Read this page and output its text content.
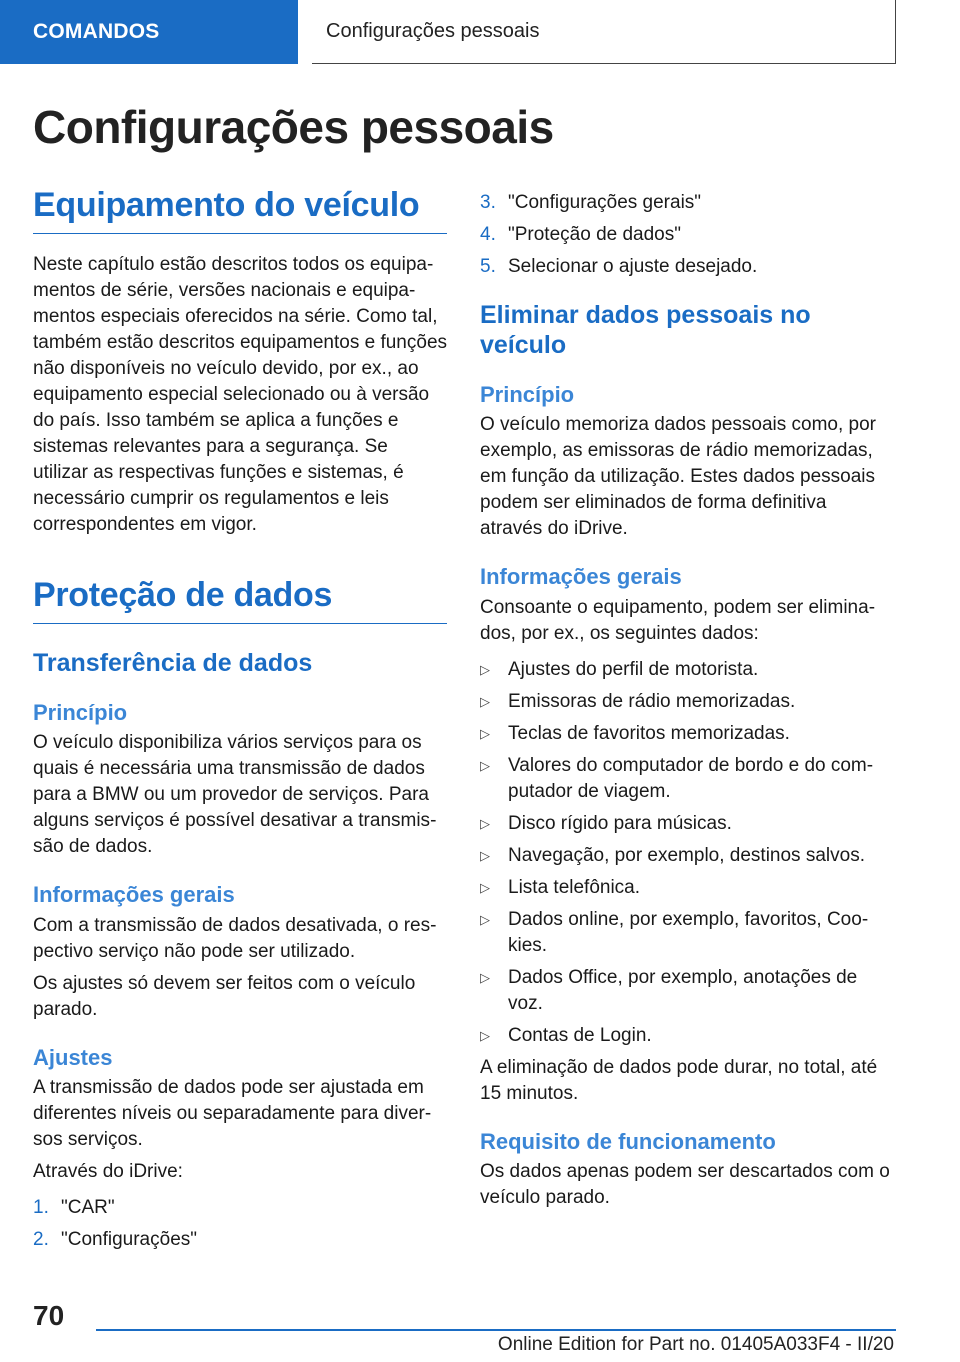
COMANDOS	Configurações pessoais
Configurações pessoais
Equipamento do veículo

Neste capítulo estão descritos todos os equipamentos de série, versões nacionais e equipamentos especiais oferecidos na série. Como tal, também estão descritos equipamentos e funções não disponíveis no veículo devido, por ex., ao equipamento especial selecionado ou à versão do país. Isso também se aplica a funções e sistemas relevantes para a segurança. Se utilizar as respectivas funções e sistemas, é necessário cumprir os regulamentos e leis correspondentes em vigor.

Proteção de dados
Transferência de dados
Princípio

O veículo disponibiliza vários serviços para os quais é necessária uma transmissão de dados para a BMW ou um provedor de serviços. Para alguns serviços é possível desativar a transmissão de dados.

Informações gerais

Com a transmissão de dados desativada, o respectivo serviço não pode ser utilizado.

Os ajustes só devem ser feitos com o veículo parado.

Ajustes

A transmissão de dados pode ser ajustada em diferentes níveis ou separadamente para diversos serviços.

Através do iDrive:

1. "CAR"
2. "Configurações"
3. "Configurações gerais"
4. "Proteção de dados"
5. Selecionar o ajuste desejado.
Eliminar dados pessoais no veículo
Princípio

O veículo memoriza dados pessoais como, por exemplo, as emissoras de rádio memorizadas, em função da utilização. Estes dados pessoais podem ser eliminados de forma definitiva através do iDrive.

Informações gerais

Consoante o equipamento, podem ser eliminados, por ex., os seguintes dados:

▷ Ajustes do perfil de motorista.
▷ Emissoras de rádio memorizadas.
▷ Teclas de favoritos memorizadas.
▷ Valores do computador de bordo e do computador de viagem.
▷ Disco rígido para músicas.
▷ Navegação, por exemplo, destinos salvos.
▷ Lista telefônica.
▷ Dados online, por exemplo, favoritos, Cookies.
▷ Dados Office, por exemplo, anotações de voz.
▷ Contas de Login.

A eliminação de dados pode durar, no total, até 15 minutos.

Requisito de funcionamento

Os dados apenas podem ser descartados com o veículo parado.

70
Online Edition for Part no. 01405A033F4 - II/20
